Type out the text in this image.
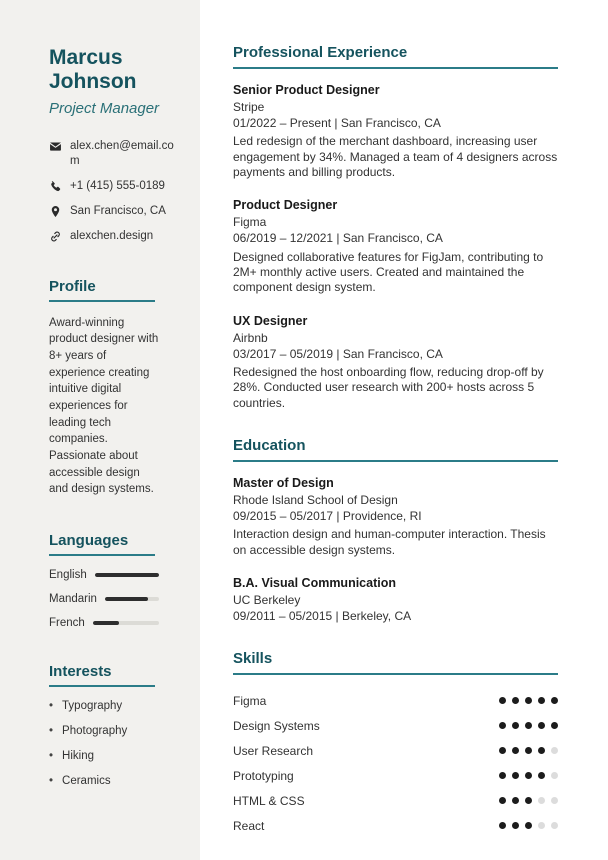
Marcus Johnson
Project Manager
alex.chen@email.com
+1 (415) 555-0189
San Francisco, CA
alexchen.design
Profile

Award-winning product designer with 8+ years of experience creating intuitive digital experiences for leading tech companies. Passionate about accessible design and design systems.

Languages
English
Mandarin
French
Interests
• Typography
• Photography
• Hiking
• Ceramics
Professional Experience
Senior Product Designer
Stripe
01/2022 – Present | San Francisco, CA
Led redesign of the merchant dashboard, increasing user engagement by 34%. Managed a team of 4 designers across payments and billing products.
Product Designer
Figma
06/2019 – 12/2021 | San Francisco, CA
Designed collaborative features for FigJam, contributing to 2M+ monthly active users. Created and maintained the component design system.
UX Designer
Airbnb
03/2017 – 05/2019 | San Francisco, CA
Redesigned the host onboarding flow, reducing drop-off by 28%. Conducted user research with 200+ hosts across 5 countries.
Education
Master of Design
Rhode Island School of Design
09/2015 – 05/2017 | Providence, RI
Interaction design and human-computer interaction. Thesis on accessible design systems.
B.A. Visual Communication
UC Berkeley
09/2011 – 05/2015 | Berkeley, CA
Skills
Figma
Design Systems
User Research
Prototyping
HTML & CSS
React
